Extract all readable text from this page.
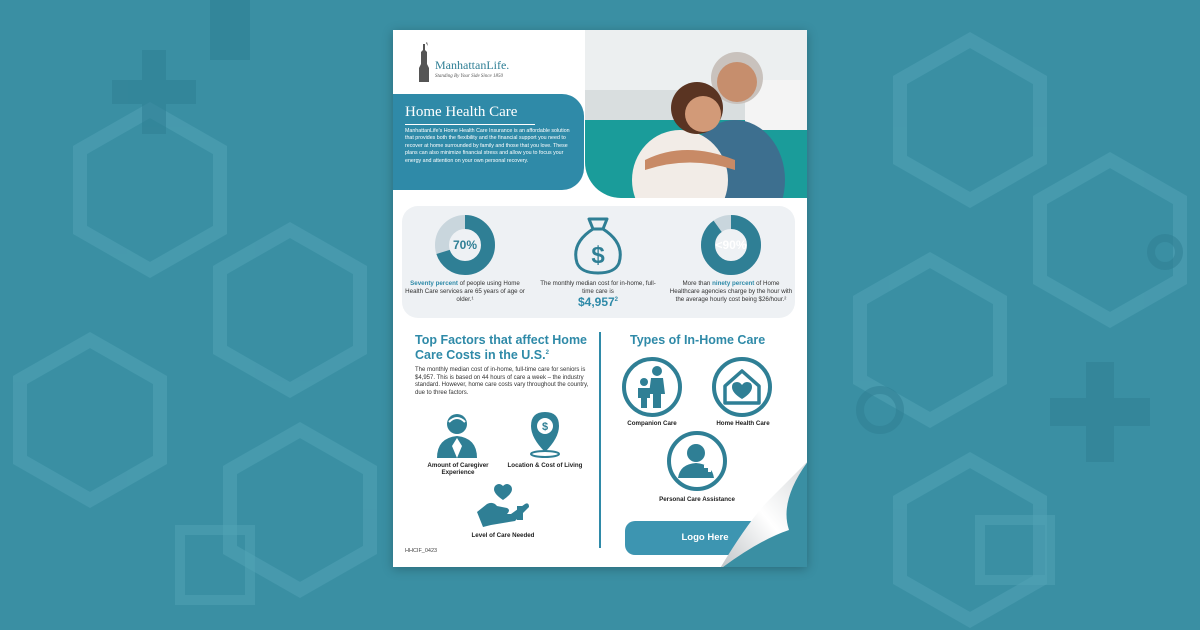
ManhattanLife.
Standing By Your Side Since 1850
Home Health Care
ManhattanLife's Home Health Care Insurance is an affordable solution that provides both the flexibility and the financial support you need to recover at home surrounded by family and those that you love. These plans can also minimize financial stress and allow you to focus your energy and attention on your own personal recovery.
70%
Seventy percent of people using Home Health Care services are 65 years of age or older.¹
$
The monthly median cost for in-home, full-time care is
$\$4,957^2$
<90%
More than ninety percent of Home Healthcare agencies charge by the hour with the average hourly cost being $26/hour.²
Top Factors that affect Home Care Costs in the U.S.$^2$
The monthly median cost of in-home, full-time care for seniors is $4,957. This is based on 44 hours of care a week – the industry standard. However, home care costs vary throughout the country, due to three factors.
Amount of Caregiver Experience
$
Location & Cost of Living
Level of Care Needed
Types of In-Home Care
Companion Care	Home Health Care
Personal Care Assistance
Logo Here
HHCIF_0423
